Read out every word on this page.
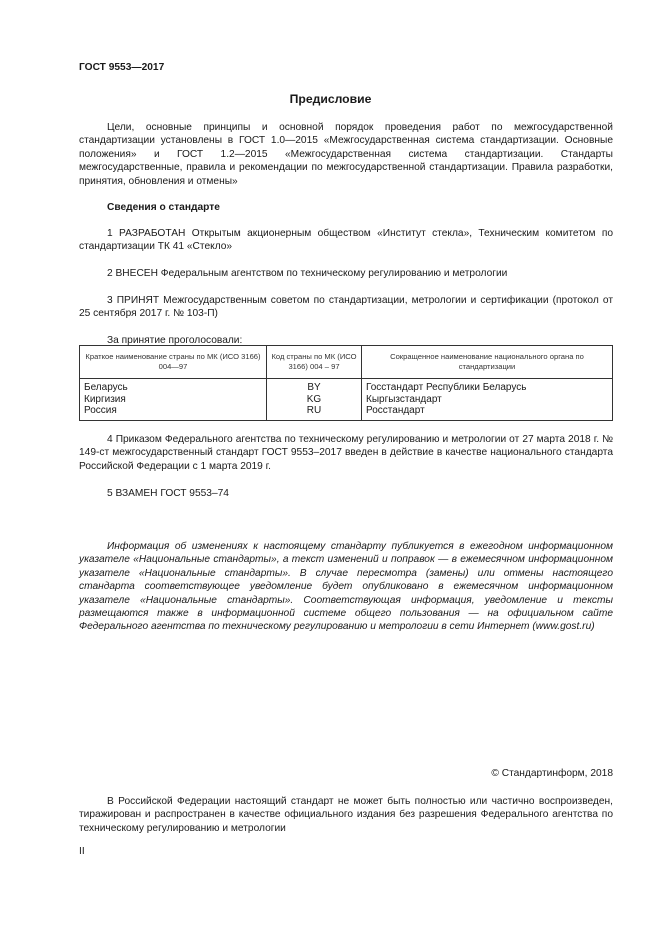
ГОСТ 9553—2017

Предисловие

Цели, основные принципы и основной порядок проведения работ по межгосударственной стандартизации установлены в ГОСТ 1.0—2015 «Межгосударственная система стандартизации. Основные положения» и ГОСТ 1.2—2015 «Межгосударственная система стандартизации. Стандарты межгосударственные, правила и рекомендации по межгосударственной стандартизации. Правила разработки, принятия, обновления и отмены»

Сведения о стандарте

1 РАЗРАБОТАН Открытым акционерным обществом «Институт стекла», Техническим комитетом по стандартизации ТК 41 «Стекло»

2 ВНЕСЕН Федеральным агентством по техническому регулированию и метрологии

3 ПРИНЯТ Межгосударственным советом по стандартизации, метрологии и сертификации (протокол от 25 сентября 2017 г. № 103-П)

За принятие проголосовали:

Краткое наименование страны по МК (ИСО 3166) 004—97	Код страны по МК (ИСО 3166) 004 – 97	Сокращенное наименование национального органа по стандартизации
Беларусь	BY	Госстандарт Республики Беларусь
Киргизия	KG	Кыргызстандарт
Россия	RU	Росстандарт

4 Приказом Федерального агентства по техническому регулированию и метрологии от 27 марта 2018 г. № 149-ст межгосударственный стандарт ГОСТ 9553–2017 введен в действие в качестве национального стандарта Российской Федерации с 1 марта 2019 г.

5 ВЗАМЕН ГОСТ 9553–74

Информация об изменениях к настоящему стандарту публикуется в ежегодном информационном указателе «Национальные стандарты», а текст изменений и поправок — в ежемесячном информационном указателе «Национальные стандарты». В случае пересмотра (замены) или отмены настоящего стандарта соответствующее уведомление будет опубликовано в ежемесячном информационном указателе «Национальные стандарты». Соответствующая информация, уведомление и тексты размещаются также в информационной системе общего пользования — на официальном сайте Федерального агентства по техническому регулированию и метрологии в сети Интернет (www.gost.ru)

© Стандартинформ, 2018

В Российской Федерации настоящий стандарт не может быть полностью или частично воспроизведен, тиражирован и распространен в качестве официального издания без разрешения Федерального агентства по техническому регулированию и метрологии

II
